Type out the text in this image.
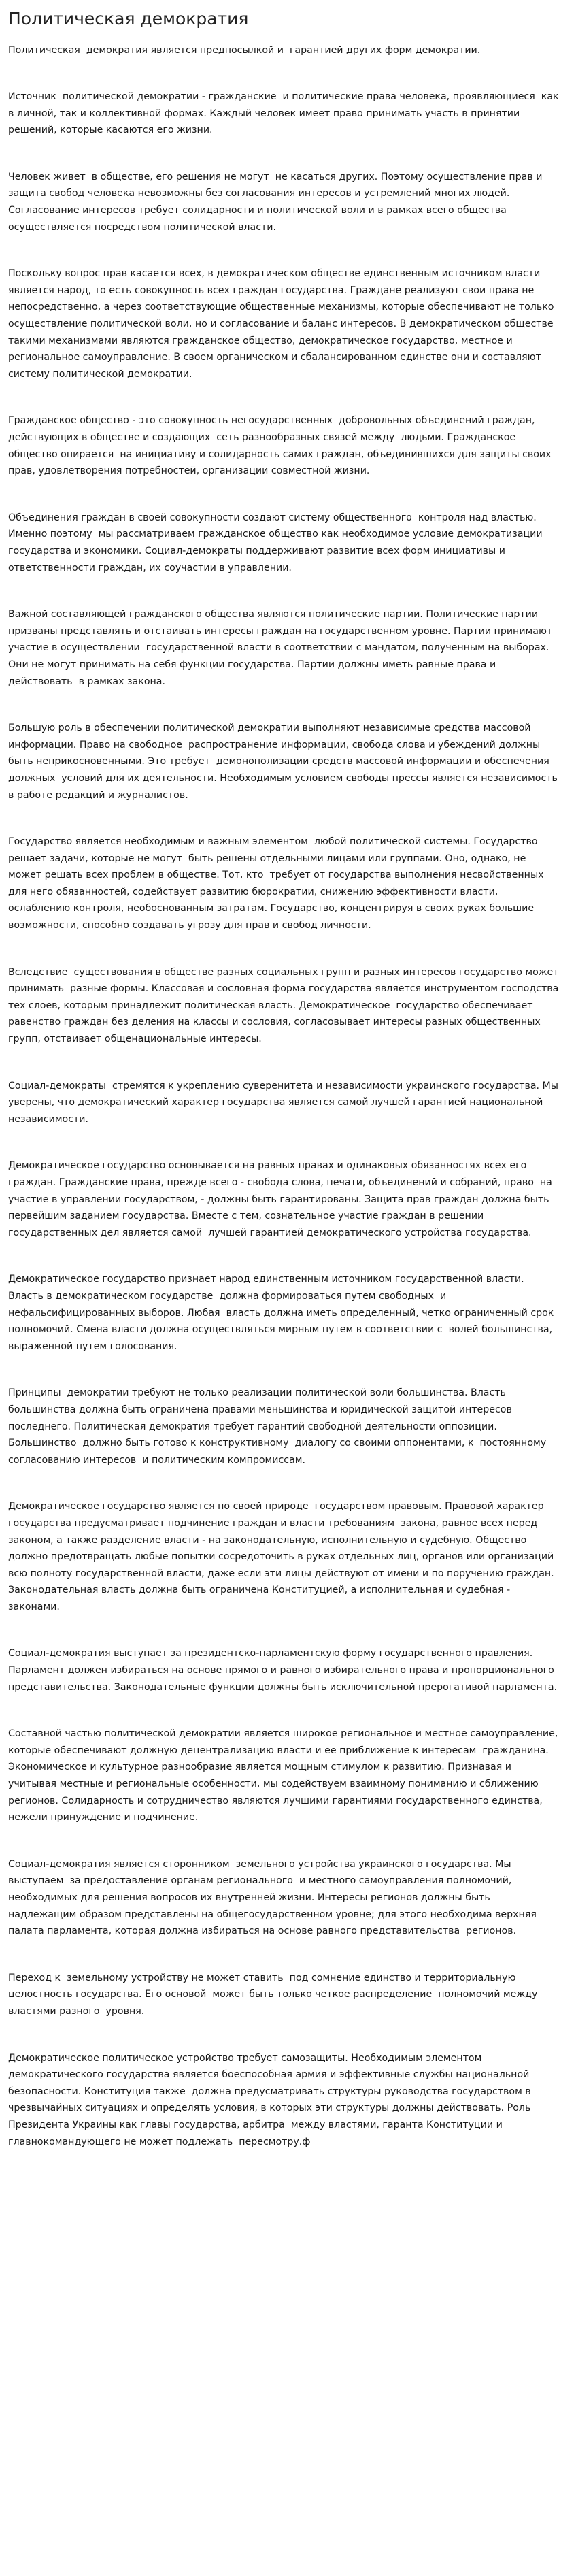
Политическая демократия

Политическая  демократия является предпосылкой и  гарантией других форм демократии.

Источник  политической демократии - гражданские  и политические права человека, проявляющиеся  как в личной, так и коллективной формах. Каждый человек имеет право принимать участь в принятии решений, которые касаются его жизни.

Человек живет  в обществе, его решения не могут  не касаться других. Поэтому осуществление прав и защита свобод человека невозможны без согласования интересов и устремлений многих людей. Согласование интересов требует солидарности и политической воли и в рамках всего общества осуществляется посредством политической власти.

Поскольку вопрос прав касается всех, в демократическом обществе единственным источником власти является народ, то есть совокупность всех граждан государства. Граждане реализуют свои права не непосредственно, а через соответствующие общественные механизмы, которые обеспечивают не только осуществление политической воли, но и согласование и баланс интересов. В демократическом обществе такими механизмами являются гражданское общество, демократическое государство, местное и региональное самоуправление. В своем органическом и сбалансированном единстве они и составляют систему политической демократии.

Гражданское общество - это совокупность негосударственных  добровольных объединений граждан, действующих в обществе и создающих  сеть разнообразных связей между  людьми. Гражданское общество опирается  на инициативу и солидарность самих граждан, объединившихся для защиты своих прав, удовлетворения потребностей, организации совместной жизни.

Объединения граждан в своей совокупности создают систему общественного  контроля над властью. Именно поэтому  мы рассматриваем гражданское общество как необходимое условие демократизации государства и экономики. Социал-демократы поддерживают развитие всех форм инициативы и ответственности граждан, их соучастии в управлении.

Важной составляющей гражданского общества являются политические партии. Политические партии призваны представлять и отстаивать интересы граждан на государственном уровне. Партии принимают участие в осуществлении  государственной власти в соответствии с мандатом, полученным на выборах. Они не могут принимать на себя функции государства. Партии должны иметь равные права и действовать  в рамках закона.

Большую роль в обеспечении политической демократии выполняют независимые средства массовой информации. Право на свободное  распространение информации, свобода слова и убеждений должны быть неприкосновенными. Это требует  демонополизации средств массовой информации и обеспечения должных  условий для их деятельности. Необходимым условием свободы прессы является независимость  в работе редакций и журналистов.

Государство является необходимым и важным элементом  любой политической системы. Государство  решает задачи, которые не могут  быть решены отдельными лицами или группами. Оно, однако, не может решать всех проблем в обществе. Тот, кто  требует от государства выполнения несвойственных для него обязанностей, содействует развитию бюрократии, снижению эффективности власти, ослаблению контроля, необоснованным затратам. Государство, концентрируя в своих руках большие возможности, способно создавать угрозу для прав и свобод личности.

Вследствие  существования в обществе разных социальных групп и разных интересов государство может принимать  разные формы. Классовая и сословная форма государства является инструментом господства тех слоев, которым принадлежит политическая власть. Демократическое  государство обеспечивает равенство граждан без деления на классы и сословия, согласовывает интересы разных общественных групп, отстаивает общенациональные интересы.

Социал-демократы  стремятся к укреплению суверенитета и независимости украинского государства. Мы уверены, что демократический характер государства является самой лучшей гарантией национальной независимости.

Демократическое государство основывается на равных правах и одинаковых обязанностях всех его граждан. Гражданские права, прежде всего - свобода слова, печати, объединений и собраний, право  на участие в управлении государством, - должны быть гарантированы. Защита прав граждан должна быть первейшим заданием государства. Вместе с тем, сознательное участие граждан в решении  государственных дел является самой  лучшей гарантией демократического устройства государства.

Демократическое государство признает народ единственным источником государственной власти. Власть в демократическом государстве  должна формироваться путем свободных  и нефальсифицированных выборов. Любая  власть должна иметь определенный, четко ограниченный срок полномочий. Смена власти должна осуществляться мирным путем в соответствии с  волей большинства, выраженной путем голосования.

Принципы  демократии требуют не только реализации политической воли большинства. Власть большинства должна быть ограничена правами меньшинства и юридической защитой интересов последнего. Политическая демократия требует гарантий свободной деятельности оппозиции. Большинство  должно быть готово к конструктивному  диалогу со своими оппонентами, к  постоянному согласованию интересов  и политическим компромиссам.

Демократическое государство является по своей природе  государством правовым. Правовой характер государства предусматривает подчинение граждан и власти требованиям  закона, равное всех перед законом, а также разделение власти - на законодательную, исполнительную и судебную. Общество должно предотвращать любые попытки сосредоточить в руках отдельных лиц, органов или организаций всю полноту государственной власти, даже если эти лицы действуют от имени и по поручению граждан. Законодательная власть должна быть ограничена Конституцией, а исполнительная и судебная - законами.

Социал-демократия выступает за президентско-парламентскую форму государственного правления. Парламент должен избираться на основе прямого и равного избирательного права и пропорционального представительства. Законодательные функции должны быть исключительной прерогативой парламента.

Составной частью политической демократии является широкое региональное и местное самоуправление, которые обеспечивают должную децентрализацию власти и ее приближение к интересам  гражданина. Экономическое и культурное разнообразие является мощным стимулом к развитию. Признавая и учитывая местные и региональные особенности, мы содействуем взаимному пониманию и сближению регионов. Солидарность и сотрудничество являются лучшими гарантиями государственного единства, нежели принуждение и подчинение.

Социал-демократия является сторонником  земельного устройства украинского государства. Мы выступаем  за предоставление органам регионального  и местного самоуправления полномочий, необходимых для решения вопросов их внутренней жизни. Интересы регионов должны быть надлежащим образом представлены на общегосударственном уровне; для этого необходима верхняя палата парламента, которая должна избираться на основе равного представительства  регионов.

Переход к  земельному устройству не может ставить  под сомнение единство и территориальную  целостность государства. Его основой  может быть только четкое распределение  полномочий между властями разного  уровня.

Демократическое политическое устройство требует самозащиты. Необходимым элементом демократического государства является боеспособная армия и эффективные службы национальной безопасности. Конституция также  должна предусматривать структуры руководства государством в чрезвычайных ситуациях и определять условия, в которых эти структуры должны действовать. Роль Президента Украины как главы государства, арбитра  между властями, гаранта Конституции и главнокомандующего не может подлежать  пересмотру.ф
